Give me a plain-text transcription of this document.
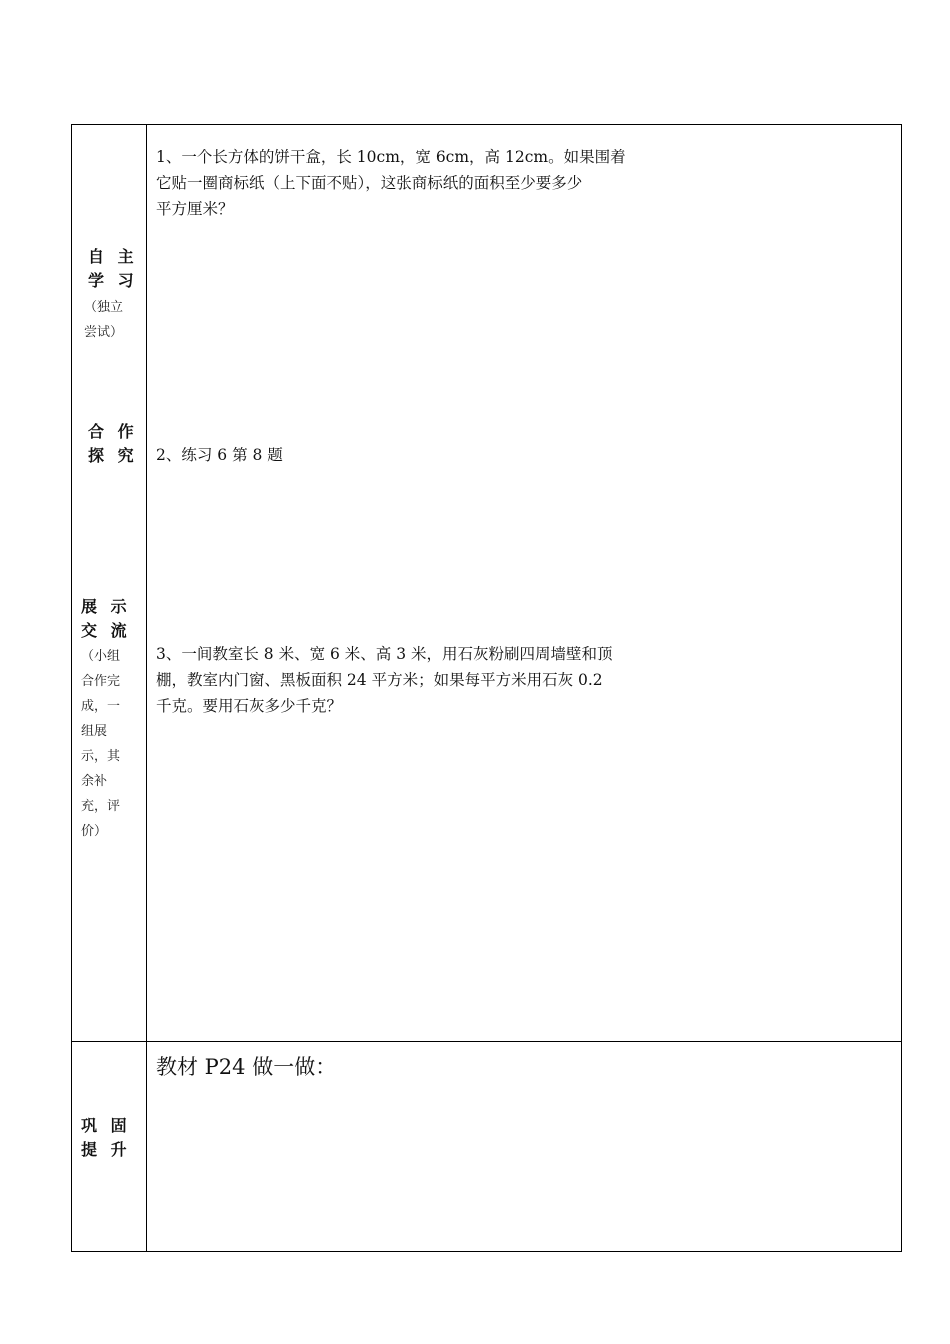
自 主
学 习
（独立
尝试）
合 作
探 究
展 示
交 流
（小组
合作完
成，一
组展
示，其
余补
充，评
价）
巩 固
提 升
1、一个长方体的饼干盒，长 10cm，宽 6cm，高 12cm。如果围着
它贴一圈商标纸（上下面不贴），这张商标纸的面积至少要多少
平方厘米？
2、练习 6 第 8 题
3、一间教室长 8 米、宽 6 米、高 3 米，用石灰粉刷四周墙壁和顶
棚，教室内门窗、黑板面积 24 平方米；如果每平方米用石灰 0.2
千克。要用石灰多少千克？
教材 P24 做一做：
